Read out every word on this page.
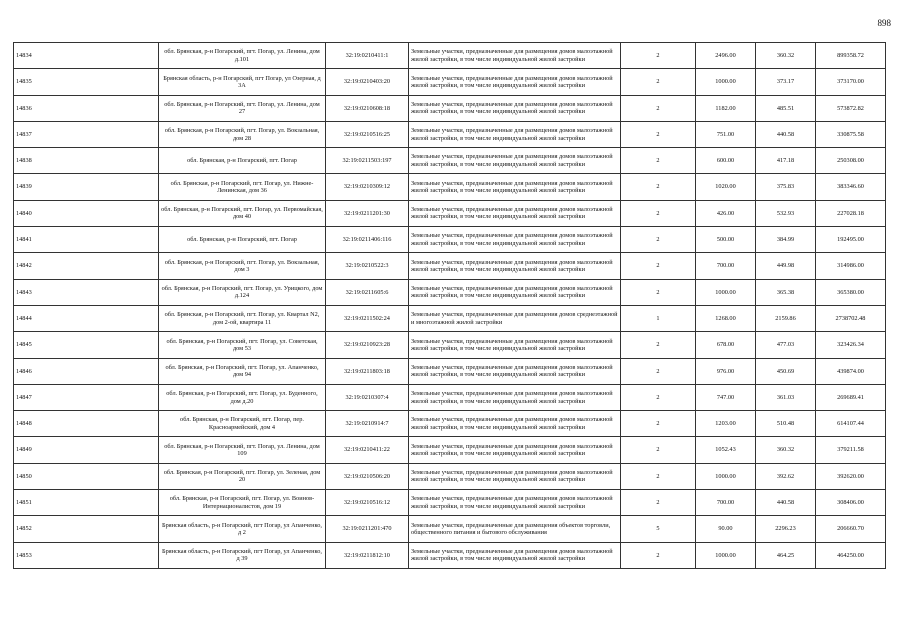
898
14834	обл. Брянская, р-н Погарский, пгт. Погар, ул. Ленина, дом д.101	32:19:0210411:1	Земельные участки, предназначенные для размещения домов малоэтажной жилой застройки, в том числе индивидуальной жилой застройки	2	2496.00	360.32	899358.72
14835	Брянская область, р-н Погарский, пгт Погар, ул Озерная, д 3А	32:19:0210403:20	Земельные участки, предназначенные для размещения домов малоэтажной жилой застройки, в том числе индивидуальной жилой застройки	2	1000.00	373.17	373170.00
14836	обл. Брянская, р-н Погарский, пгт. Погар, ул. Ленина, дом 27	32:19:0210608:18	Земельные участки, предназначенные для размещения домов малоэтажной жилой застройки, в том числе индивидуальной жилой застройки	2	1182.00	485.51	573872.82
14837	обл. Брянская, р-н Погарский, пгт. Погар, ул. Вокзальная, дом 28	32:19:0210516:25	Земельные участки, предназначенные для размещения домов малоэтажной жилой застройки, в том числе индивидуальной жилой застройки	2	751.00	440.58	330875.58
14838	обл. Брянская, р-н Погарский, пгт. Погар	32:19:0211503:197	Земельные участки, предназначенные для размещения домов малоэтажной жилой застройки, в том числе индивидуальной жилой застройки	2	600.00	417.18	250308.00
14839	обл. Брянская, р-н Погарский, пгт. Погар, ул. Нижне-Ленинская, дом 36	32:19:0210309:12	Земельные участки, предназначенные для размещения домов малоэтажной жилой застройки, в том числе индивидуальной жилой застройки	2	1020.00	375.83	383346.60
14840	обл. Брянская, р-н Погарский, пгт. Погар, ул. Первомайская, дом 40	32:19:0211201:30	Земельные участки, предназначенные для размещения домов малоэтажной жилой застройки, в том числе индивидуальной жилой застройки	2	426.00	532.93	227028.18
14841	обл. Брянская, р-н Погарский, пгт. Погар	32:19:0211406:116	Земельные участки, предназначенные для размещения домов малоэтажной жилой застройки, в том числе индивидуальной жилой застройки	2	500.00	384.99	192495.00
14842	обл. Брянская, р-н Погарский, пгт. Погар, ул. Вокзальная, дом 3	32:19:0210522:3	Земельные участки, предназначенные для размещения домов малоэтажной жилой застройки, в том числе индивидуальной жилой застройки	2	700.00	449.98	314986.00
14843	обл. Брянская, р-н Погарский, пгт. Погар, ул. Урицкого, дом д.124	32:19:0211605:6	Земельные участки, предназначенные для размещения домов малоэтажной жилой застройки, в том числе индивидуальной жилой застройки	2	1000.00	365.38	365380.00
14844	обл. Брянская, р-н Погарский, пгт. Погар, ул. Квартал N2, дом 2-ой, квартира 11	32:19:0211502:24	Земельные участки, предназначенные для размещения домов среднеэтажной и многоэтажной жилой застройки	1	1268.00	2159.86	2738702.48
14845	обл. Брянская, р-н Погарский, пгт. Погар, ул. Советская, дом 53	32:19:0210923:28	Земельные участки, предназначенные для размещения домов малоэтажной жилой застройки, в том числе индивидуальной жилой застройки	2	678.00	477.03	323426.34
14846	обл. Брянская, р-н Погарский, пгт. Погар, ул. Апанченко, дом 94	32:19:0211803:18	Земельные участки, предназначенные для размещения домов малоэтажной жилой застройки, в том числе индивидуальной жилой застройки	2	976.00	450.69	439874.00
14847	обл. Брянская, р-н Погарский, пгт. Погар, ул. Буденного, дом д.20	32:19:0210307:4	Земельные участки, предназначенные для размещения домов малоэтажной жилой застройки, в том числе индивидуальной жилой застройки	2	747.00	361.03	269689.41
14848	обл. Брянская, р-н Погарский, пгт. Погар, пер. Красноармейский, дом 4	32:19:0210914:7	Земельные участки, предназначенные для размещения домов малоэтажной жилой застройки, в том числе индивидуальной жилой застройки	2	1203.00	510.48	614107.44
14849	обл. Брянская, р-н Погарский, пгт. Погар, ул. Ленина, дом 109	32:19:0210411:22	Земельные участки, предназначенные для размещения домов малоэтажной жилой застройки, в том числе индивидуальной жилой застройки	2	1052.43	360.32	379211.58
14850	обл. Брянская, р-н Погарский, пгт. Погар, ул. Зеленая, дом 20	32:19:0210506:20	Земельные участки, предназначенные для размещения домов малоэтажной жилой застройки, в том числе индивидуальной жилой застройки	2	1000.00	392.62	392620.00
14851	обл. Брянская, р-н Погарский, пгт. Погар, ул. Воинов-Интернационалистов, дом 19	32:19:0210516:12	Земельные участки, предназначенные для размещения домов малоэтажной жилой застройки, в том числе индивидуальной жилой застройки	2	700.00	440.58	308406.00
14852	Брянская область, р-н Погарский, пгт Погар, ул Апанченко, д 2	32:19:0211201:470	Земельные участки, предназначенные для размещения объектов торговли, общественного питания и бытового обслуживания	5	90.00	2296.23	206660.70
14853	Брянская область, р-н Погарский, пгт Погар, ул Апанченко, д 39	32:19:0211812:10	Земельные участки, предназначенные для размещения домов малоэтажной жилой застройки, в том числе индивидуальной жилой застройки	2	1000.00	464.25	464250.00
